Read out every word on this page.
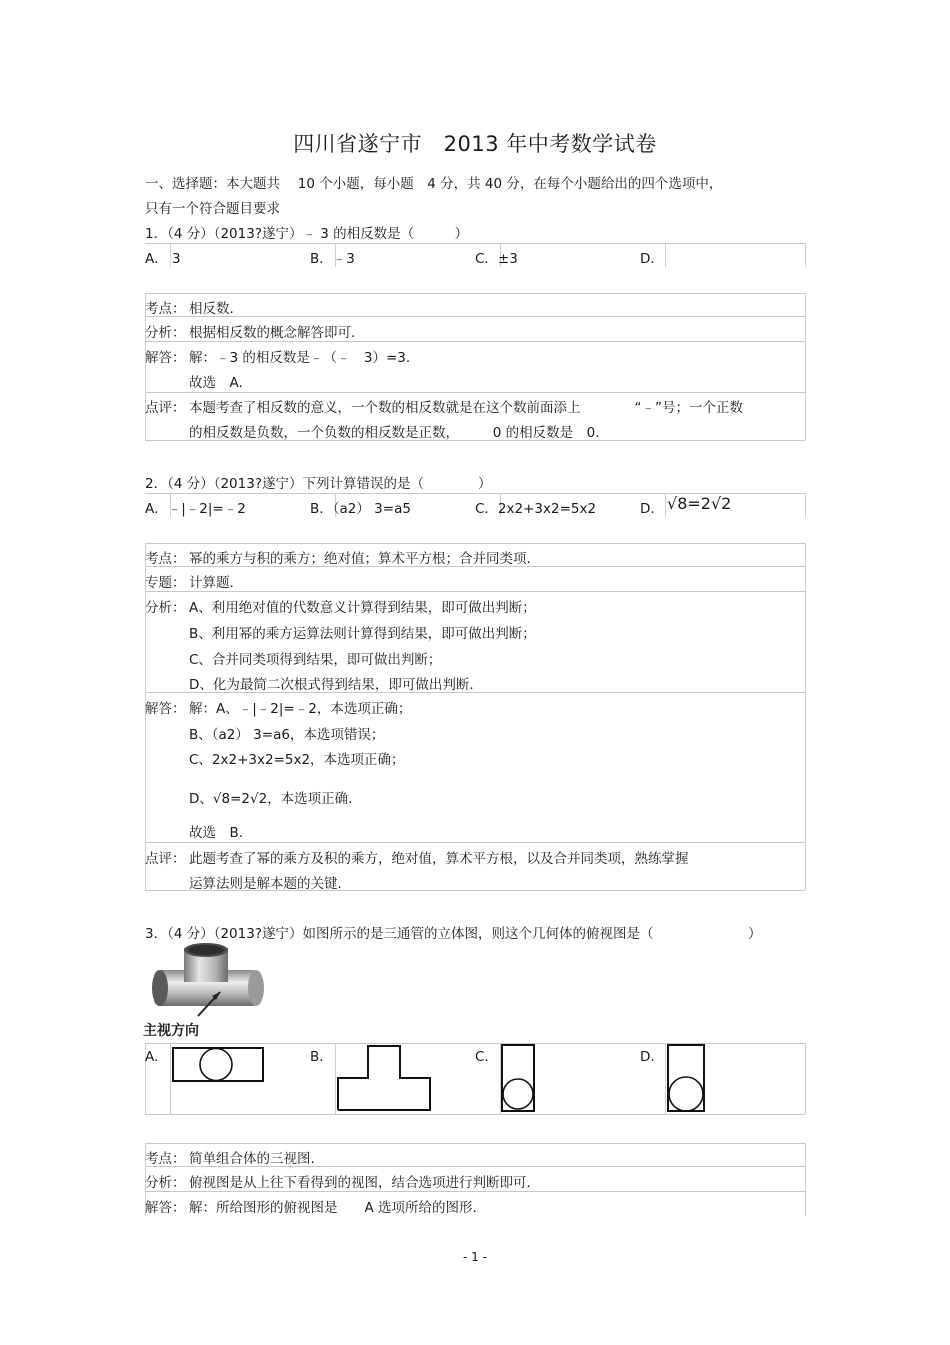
四川省遂宁市　2013 年中考数学试卷
一、选择题：本大题共　 10 个小题，每小题　4 分，共 40 分，在每个小题给出的四个选项中，
只有一个符合题目要求
1．（4 分）（2013?遂宁）﹣ 3 的相反数是（　　　）
A． 3	B．﹣3	C．±3	D．
考点： 相反数.
分析： 根据相反数的概念解答即可.
解答： 解：﹣3 的相反数是﹣（﹣　3）=3.
故选　A.
点评： 本题考查了相反数的意义，一个数的相反数就是在这个数前面添上　　　　“﹣”号；一个正数
的相反数是负数，一个负数的相反数是正数，　　　0 的相反数是　0.
2．（4 分）（2013?遂宁）下列计算错误的是（　　　　）
A．﹣|﹣2|=﹣2	B．（a2） 3=a5	C．2x2+3x2=5x2	D． √8=2√2
考点： 幂的乘方与积的乘方；绝对值；算术平方根；合并同类项.
专题： 计算题.
分析： A、利用绝对值的代数意义计算得到结果，即可做出判断；
B、利用幂的乘方运算法则计算得到结果，即可做出判断；
C、合并同类项得到结果，即可做出判断；
D、化为最简二次根式得到结果，即可做出判断.
解答： 解：A、﹣|﹣2|=﹣2，本选项正确；
B、（a2） 3=a6，本选项错误；
C、2x2+3x2=5x2，本选项正确；
D、√8=2√2，本选项正确.
故选　B.
点评： 此题考查了幂的乘方及积的乘方，绝对值，算术平方根，以及合并同类项，熟练掌握
运算法则是解本题的关键.
3．（4 分）（2013?遂宁）如图所示的是三通管的立体图，则这个几何体的俯视图是（　　　　　　　）
主视方向
A.	B.	C.	D.
考点： 简单组合体的三视图.
分析： 俯视图是从上往下看得到的视图，结合选项进行判断即可.
解答： 解：所给图形的俯视图是　　A 选项所给的图形.
- 1 -
